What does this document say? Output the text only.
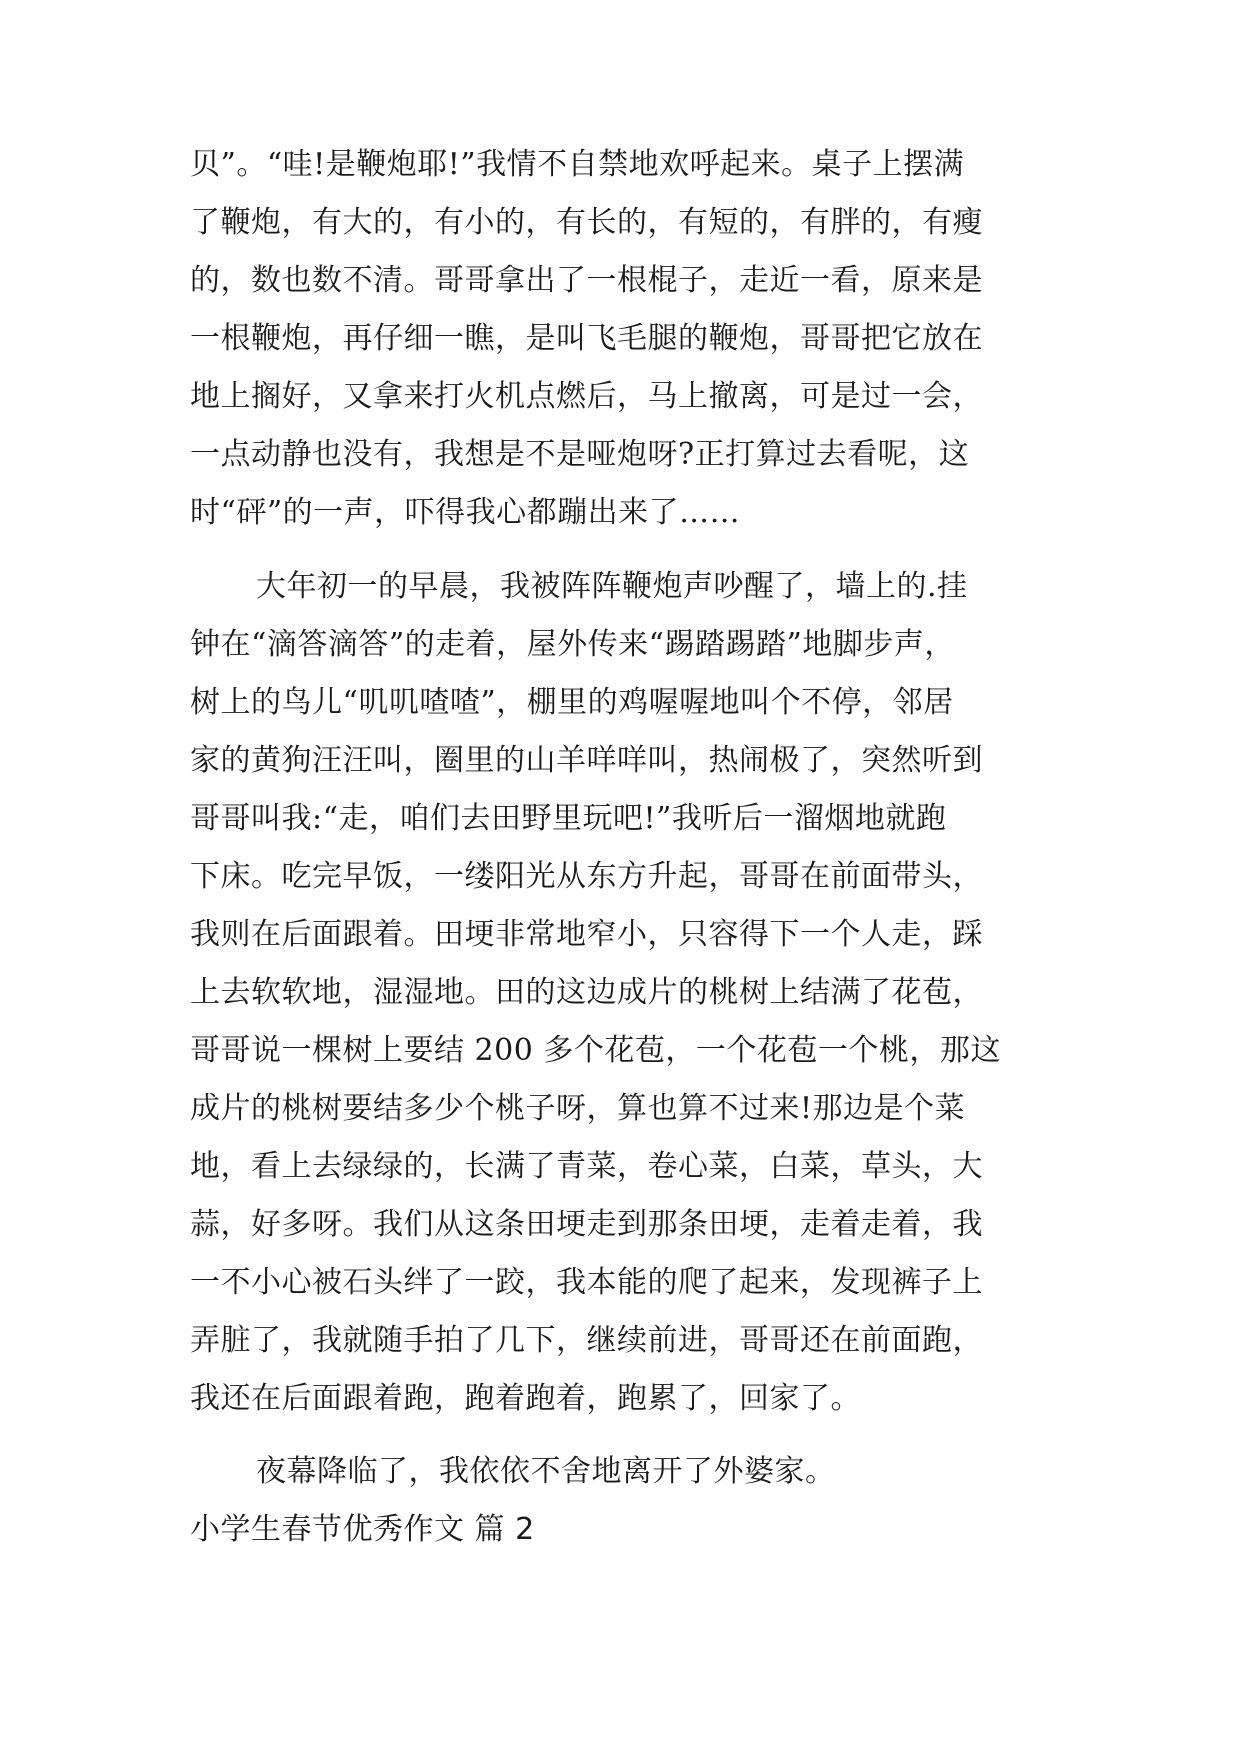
贝”。“哇!是鞭炮耶!”我情不自禁地欢呼起来。桌子上摆满
了鞭炮，有大的，有小的，有长的，有短的，有胖的，有瘦
的，数也数不清。哥哥拿出了一根棍子，走近一看，原来是
一根鞭炮，再仔细一瞧，是叫飞毛腿的鞭炮，哥哥把它放在
地上搁好，又拿来打火机点燃后，马上撤离，可是过一会，
一点动静也没有，我想是不是哑炮呀?正打算过去看呢，这
时“砰”的一声，吓得我心都蹦出来了……
大年初一的早晨，我被阵阵鞭炮声吵醒了，墙上的.挂
钟在“滴答滴答”的走着，屋外传来“踢踏踢踏”地脚步声，
树上的鸟儿“叽叽喳喳”，棚里的鸡喔喔地叫个不停，邻居
家的黄狗汪汪叫，圈里的山羊咩咩叫，热闹极了，突然听到
哥哥叫我:“走，咱们去田野里玩吧!”我听后一溜烟地就跑
下床。吃完早饭，一缕阳光从东方升起，哥哥在前面带头，
我则在后面跟着。田埂非常地窄小，只容得下一个人走，踩
上去软软地，湿湿地。田的这边成片的桃树上结满了花苞，
哥哥说一棵树上要结 200 多个花苞，一个花苞一个桃，那这
成片的桃树要结多少个桃子呀，算也算不过来!那边是个菜
地，看上去绿绿的，长满了青菜，卷心菜，白菜，草头，大
蒜，好多呀。我们从这条田埂走到那条田埂，走着走着，我
一不小心被石头绊了一跤，我本能的爬了起来，发现裤子上
弄脏了，我就随手拍了几下，继续前进，哥哥还在前面跑，
我还在后面跟着跑，跑着跑着，跑累了，回家了。
夜幕降临了，我依依不舍地离开了外婆家。
小学生春节优秀作文 篇 2
